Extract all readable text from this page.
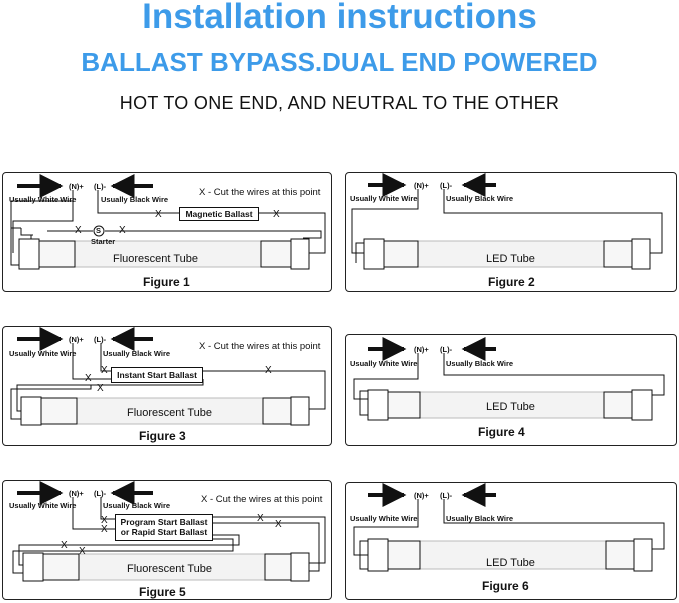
Installation instructions
BALLAST BYPASS.DUAL END POWERED

HOT TO ONE END, AND NEUTRAL TO THE OTHER

(N)+ (L)-
Usually White Wire	Usually Black Wire
X - Cut the wires at this point
Magnetic Ballast
X	X
X	X
S
Starter
Fluorescent Tube
Figure 1
(N)+ (L)-
Usually White Wire	Usually Black Wire
LED Tube
Figure 2
(N)+ (L)-
Usually White Wire	Usually Black Wire
X - Cut the wires at this point
Instant Start Ballast
X
X
X
X
Fluorescent Tube
Figure 3
(N)+ (L)-
Usually White Wire	Usually Black Wire
LED Tube
Figure 4
(N)+ (L)-
Usually White Wire	Usually Black Wire
X - Cut the wires at this point
Program Start Ballast
or Rapid Start Ballast
X
X
X
X
X
X
Fluorescent Tube
Figure 5
(N)+ (L)-
Usually White Wire	Usually Black Wire
LED Tube
Figure 6
